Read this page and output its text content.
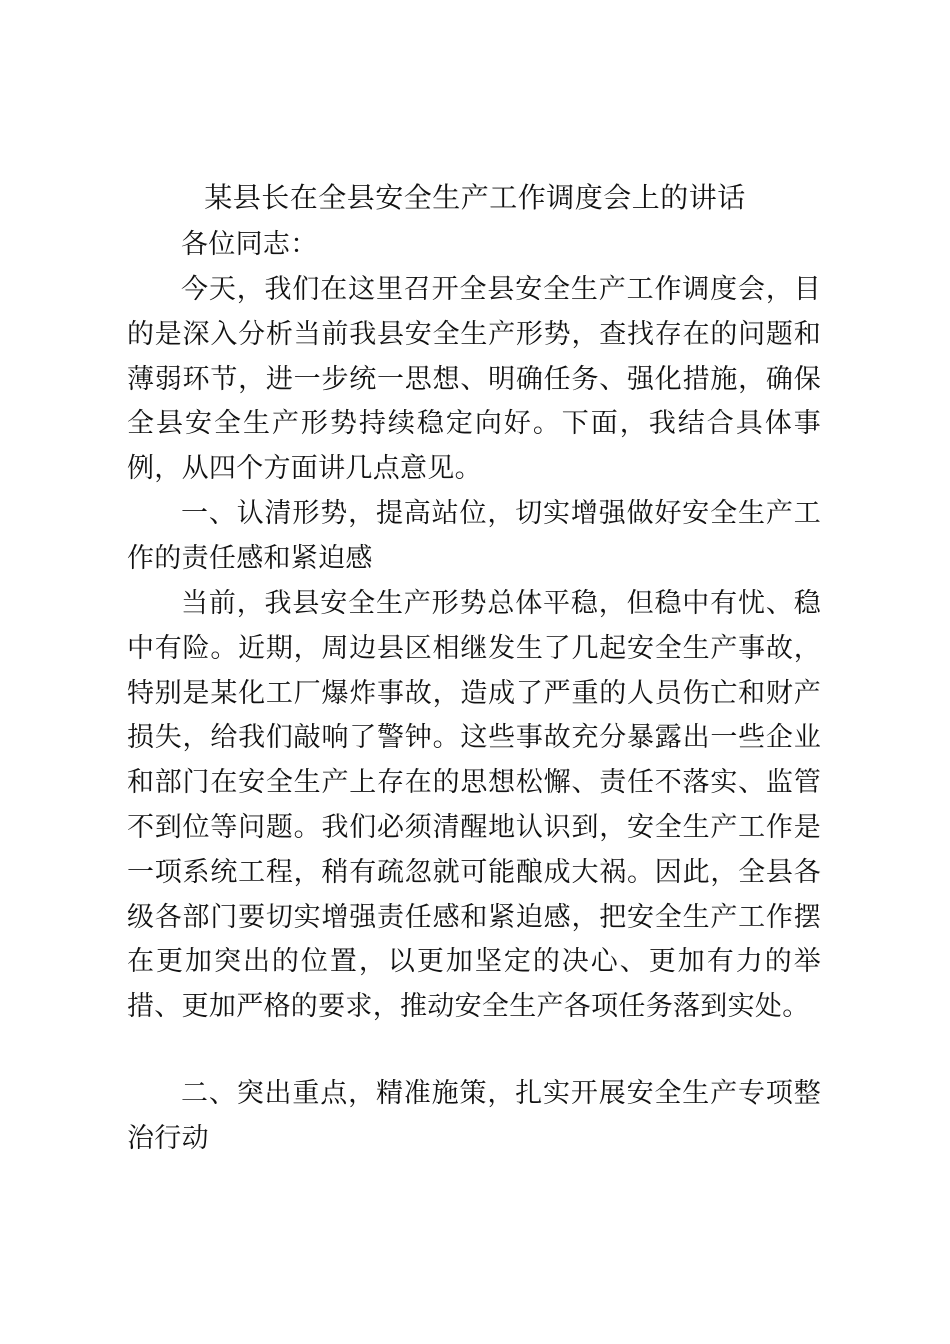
某县长在全县安全生产工作调度会上的讲话

各位同志：

今天，我们在这里召开全县安全生产工作调度会，目的是深入分析当前我县安全生产形势，查找存在的问题和薄弱环节，进一步统一思想、明确任务、强化措施，确保全县安全生产形势持续稳定向好。下面，我结合具体事例，从四个方面讲几点意见。

一、认清形势，提高站位，切实增强做好安全生产工作的责任感和紧迫感

当前，我县安全生产形势总体平稳，但稳中有忧、稳中有险。近期，周边县区相继发生了几起安全生产事故，特别是某化工厂爆炸事故，造成了严重的人员伤亡和财产损失，给我们敲响了警钟。这些事故充分暴露出一些企业和部门在安全生产上存在的思想松懈、责任不落实、监管不到位等问题。我们必须清醒地认识到，安全生产工作是一项系统工程，稍有疏忽就可能酿成大祸。因此，全县各级各部门要切实增强责任感和紧迫感，把安全生产工作摆在更加突出的位置，以更加坚定的决心、更加有力的举措、更加严格的要求，推动安全生产各项任务落到实处。

二、突出重点，精准施策，扎实开展安全生产专项整治行动
